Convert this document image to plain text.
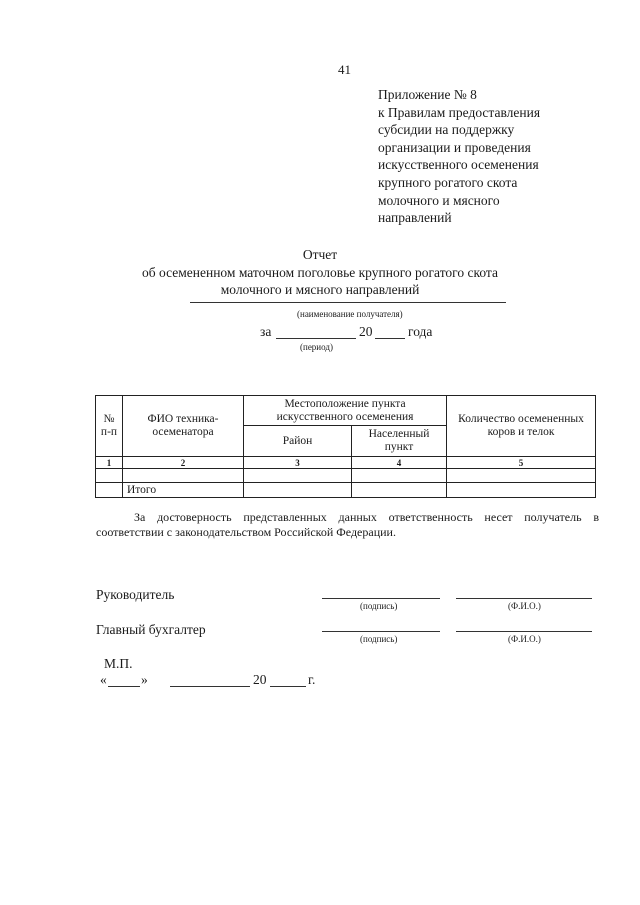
41
Приложение № 8
к Правилам предоставления
субсидии на поддержку
организации и проведения
искусственного осеменения
крупного рогатого скота
молочного и мясного
направлений
Отчет
об осемененном маточном поголовье крупного рогатого скота
молочного и мясного направлений
(наименование получателя)
за	20	года
(период)
№ п-п	ФИО техника-осеменатора	Местоположение пункта искусственного осеменения		Количество осемененных коров и телок
		Район	Населенный пункт	
1	2	3	4	5

	Итого			
За достоверность представленных данных ответственность несет получатель в соответствии с законодательством Российской Федерации.
Руководитель
(подпись)	(Ф.И.О.)
Главный бухгалтер
(подпись)	(Ф.И.О.)
М.П.
«	»	20	г.
